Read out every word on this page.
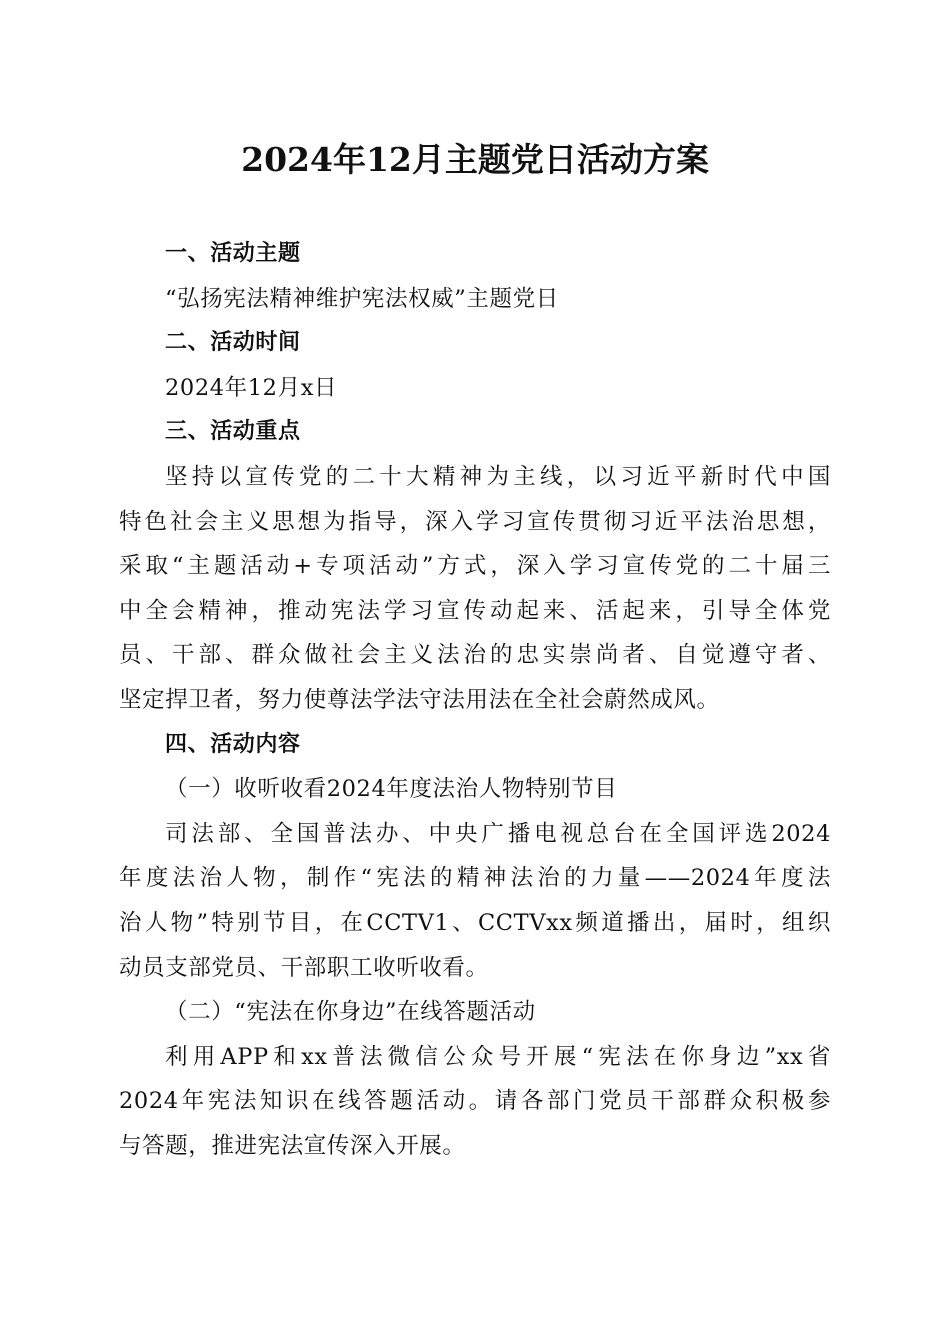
2024年12月主题党日活动方案

一、活动主题

“弘扬宪法精神维护宪法权威”主题党日

二、活动时间

2024年12月x日

三、活动重点

坚持以宣传党的二十大精神为主线，以习近平新时代中国

特色社会主义思想为指导，深入学习宣传贯彻习近平法治思想，

采取“主题活动+专项活动”方式，深入学习宣传党的二十届三

中全会精神，推动宪法学习宣传动起来、活起来，引导全体党

员、干部、群众做社会主义法治的忠实崇尚者、自觉遵守者、

坚定捍卫者，努力使尊法学法守法用法在全社会蔚然成风。

四、活动内容

（一）收听收看2024年度法治人物特别节目

司法部、全国普法办、中央广播电视总台在全国评选2024

年度法治人物，制作“宪法的精神法治的力量——2024年度法

治人物”特别节目，在CCTV1、CCTVxx频道播出，届时，组织

动员支部党员、干部职工收听收看。

（二）“宪法在你身边”在线答题活动

利用APP和xx普法微信公众号开展“宪法在你身边”xx省

2024年宪法知识在线答题活动。请各部门党员干部群众积极参

与答题，推进宪法宣传深入开展。
